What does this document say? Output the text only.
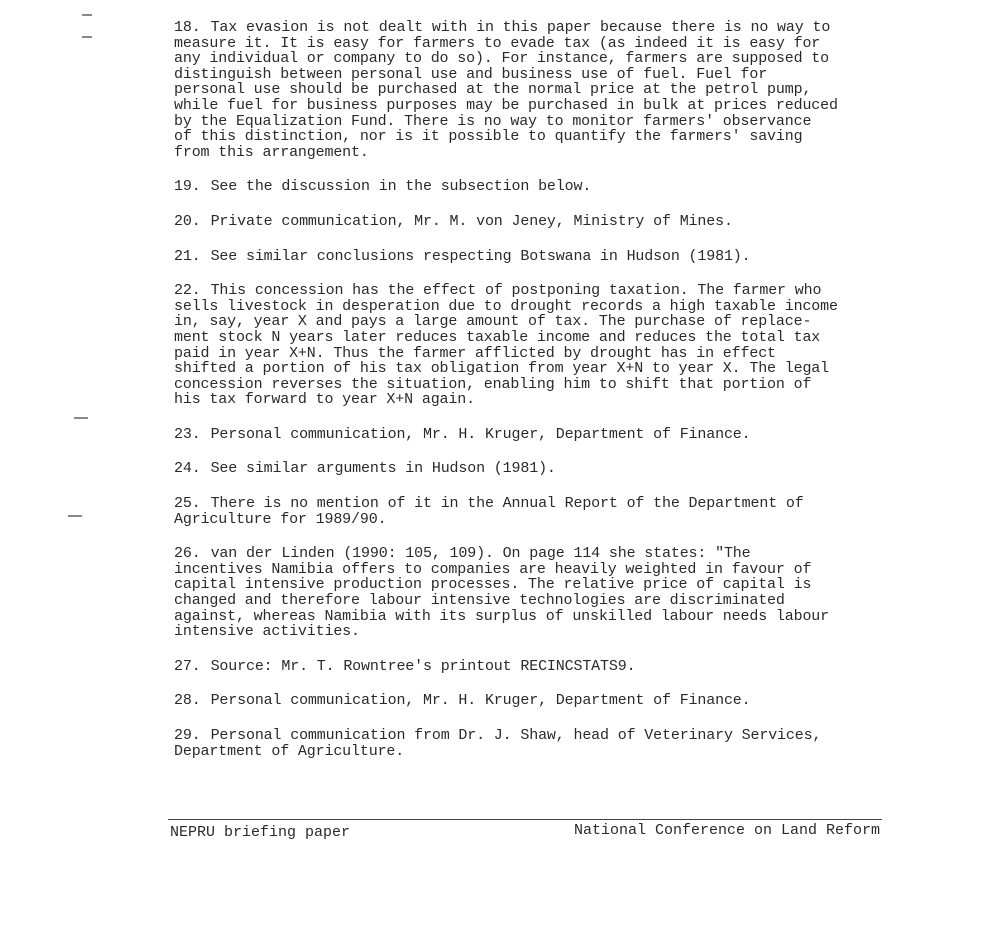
18. Tax evasion is not dealt with in this paper because there is no way to
measure it. It is easy for farmers to evade tax (as indeed it is easy for
any individual or company to do so). For instance, farmers are supposed to
distinguish between personal use and business use of fuel. Fuel for
personal use should be purchased at the normal price at the petrol pump,
while fuel for business purposes may be purchased in bulk at prices reduced
by the Equalization Fund. There is no way to monitor farmers' observance
of this distinction, nor is it possible to quantify the farmers' saving
from this arrangement.

19. See the discussion in the subsection below.

20. Private communication, Mr. M. von Jeney, Ministry of Mines.

21. See similar conclusions respecting Botswana in Hudson (1981).

22. This concession has the effect of postponing taxation. The farmer who
sells livestock in desperation due to drought records a high taxable income
in, say, year X and pays a large amount of tax. The purchase of replace-
ment stock N years later reduces taxable income and reduces the total tax
paid in year X+N. Thus the farmer afflicted by drought has in effect
shifted a portion of his tax obligation from year X+N to year X. The legal
concession reverses the situation, enabling him to shift that portion of
his tax forward to year X+N again.

23. Personal communication, Mr. H. Kruger, Department of Finance.

24. See similar arguments in Hudson (1981).

25. There is no mention of it in the Annual Report of the Department of
Agriculture for 1989/90.

26. van der Linden (1990: 105, 109). On page 114 she states: "The
incentives Namibia offers to companies are heavily weighted in favour of
capital intensive production processes. The relative price of capital is
changed and therefore labour intensive technologies are discriminated
against, whereas Namibia with its surplus of unskilled labour needs labour
intensive activities.

27. Source: Mr. T. Rowntree's printout RECINCSTATS9.

28. Personal communication, Mr. H. Kruger, Department of Finance.

29. Personal communication from Dr. J. Shaw, head of Veterinary Services,
Department of Agriculture.

NEPRU briefing paper	National Conference on Land Reform
